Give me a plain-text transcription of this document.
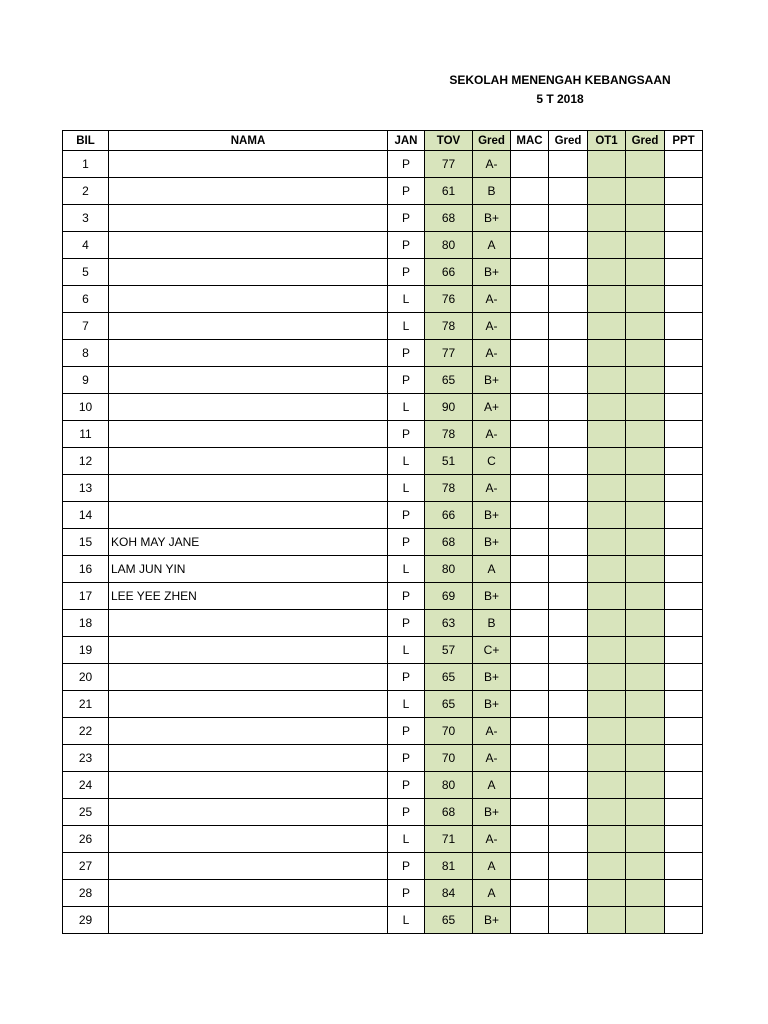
SEKOLAH MENENGAH KEBANGSAAN
5 T 2018
BIL	NAMA	JAN	TOV	Gred	MAC	Gred	OT1	Gred	PPT
1		P	77	A-					
2		P	61	B					
3		P	68	B+					
4		P	80	A					
5		P	66	B+					
6		L	76	A-					
7		L	78	A-					
8		P	77	A-					
9		P	65	B+					
10		L	90	A+					
11		P	78	A-					
12		L	51	C					
13		L	78	A-					
14		P	66	B+					
15	KOH MAY JANE	P	68	B+					
16	LAM JUN YIN	L	80	A					
17	LEE YEE ZHEN	P	69	B+					
18		P	63	B					
19		L	57	C+					
20		P	65	B+					
21		L	65	B+					
22		P	70	A-					
23		P	70	A-					
24		P	80	A					
25		P	68	B+					
26		L	71	A-					
27		P	81	A					
28		P	84	A					
29		L	65	B+					
